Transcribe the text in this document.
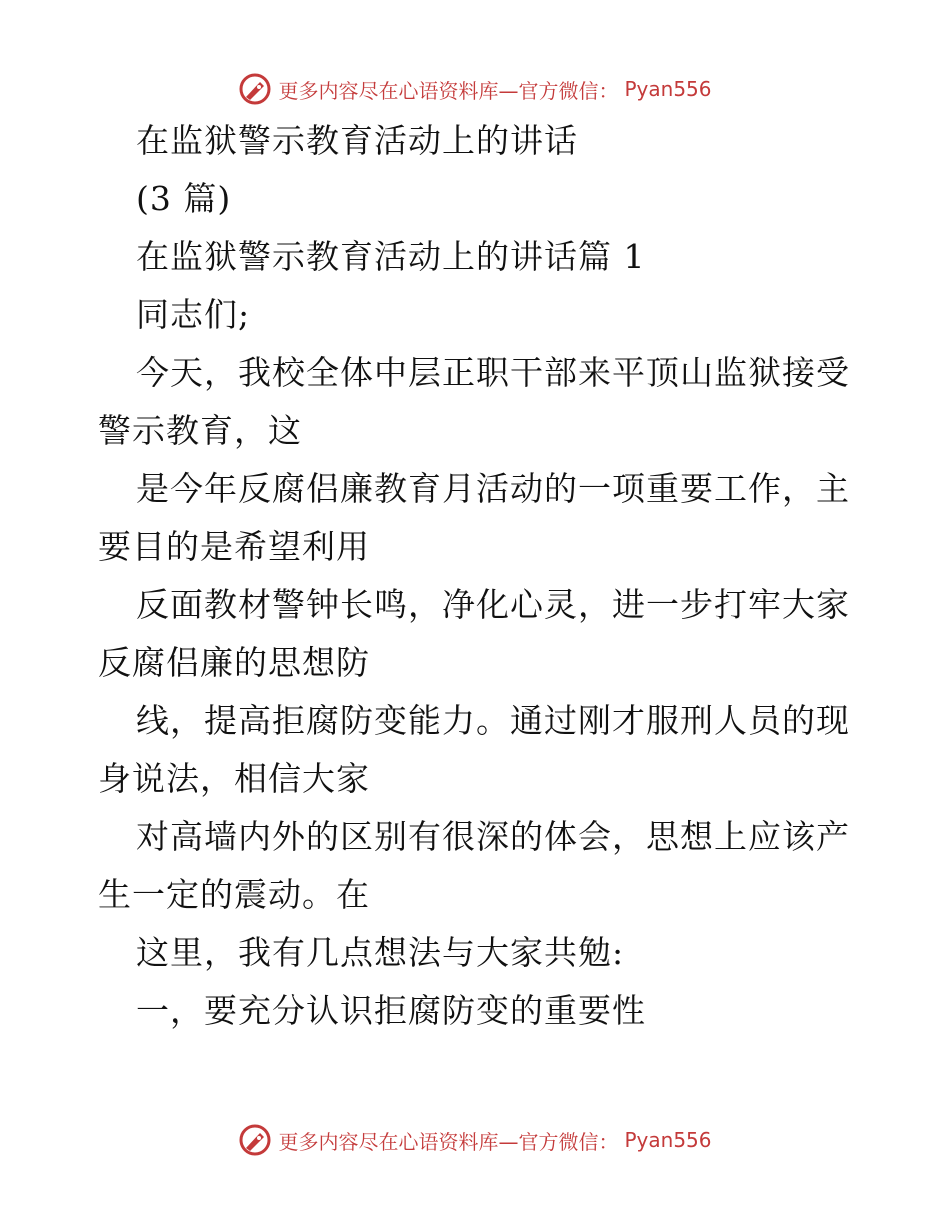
更多内容尽在心语资料库—官方微信： Pyan556
在监狱警示教育活动上的讲话
(3 篇)
在监狱警示教育活动上的讲话篇 1
同志们;
今天，我校全体中层正职干部来平顶山监狱接受
警示教育，这
是今年反腐侣廉教育月活动的一项重要工作，主
要目的是希望利用
反面教材警钟长鸣，净化心灵，进一步打牢大家
反腐侣廉的思想防
线，提高拒腐防变能力。通过刚才服刑人员的现
身说法，相信大家
对高墙内外的区别有很深的体会，思想上应该产
生一定的震动。在
这里，我有几点想法与大家共勉:
一，要充分认识拒腐防变的重要性
更多内容尽在心语资料库—官方微信： Pyan556
